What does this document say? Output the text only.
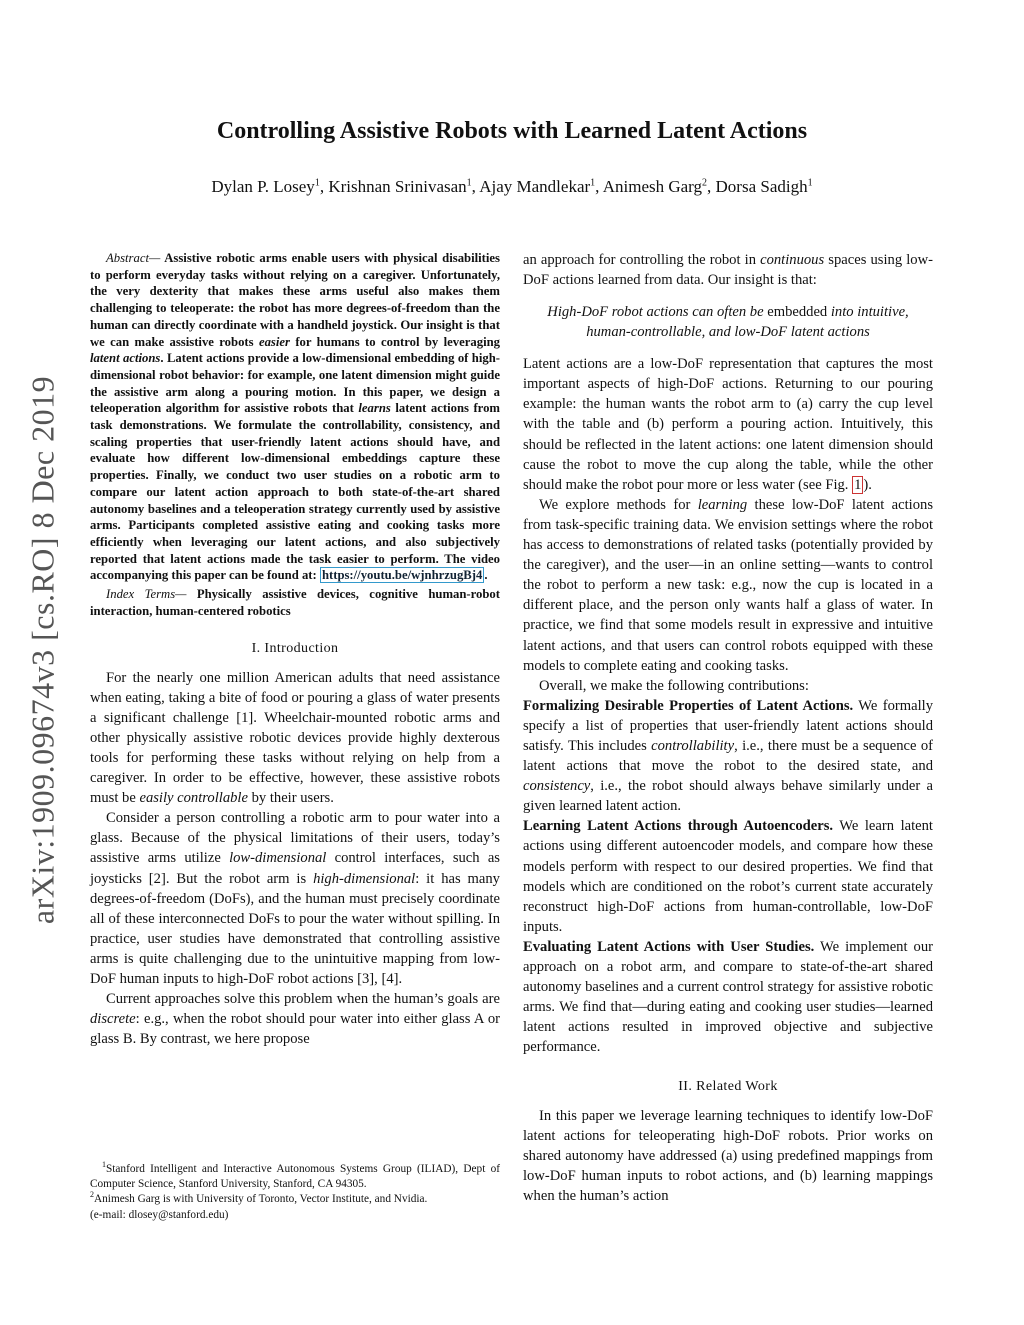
arXiv:1909.09674v3 [cs.RO] 8 Dec 2019
Controlling Assistive Robots with Learned Latent Actions
Dylan P. Losey$^1$, Krishnan Srinivasan$^1$, Ajay Mandlekar$^1$, Animesh Garg$^2$, Dorsa Sadigh$^1$

Abstract— Assistive robotic arms enable users with physical disabilities to perform everyday tasks without relying on a caregiver. Unfortunately, the very dexterity that makes these arms useful also makes them challenging to teleoperate: the robot has more degrees-of-freedom than the human can directly coordinate with a handheld joystick. Our insight is that we can make assistive robots easier for humans to control by leveraging latent actions. Latent actions provide a low-dimensional embedding of high-dimensional robot behavior: for example, one latent dimension might guide the assistive arm along a pouring motion. In this paper, we design a teleoperation algorithm for assistive robots that learns latent actions from task demonstrations. We formulate the controllability, consistency, and scaling properties that user-friendly latent actions should have, and evaluate how different low-dimensional embeddings capture these properties. Finally, we conduct two user studies on a robotic arm to compare our latent action approach to both state-of-the-art shared autonomy baselines and a teleoperation strategy currently used by assistive arms. Participants completed assistive eating and cooking tasks more efficiently when leveraging our latent actions, and also subjectively reported that latent actions made the task easier to perform. The video accompanying this paper can be found at: https://youtu.be/wjnhrzugBj4 .

Index Terms— Physically assistive devices, cognitive human-robot interaction, human-centered robotics

I. Introduction

For the nearly one million American adults that need assistance when eating, taking a bite of food or pouring a glass of water presents a significant challenge [1]. Wheelchair-mounted robotic arms and other physically assistive robotic devices provide highly dexterous tools for performing these tasks without relying on help from a caregiver. In order to be effective, however, these assistive robots must be easily controllable by their users.

Consider a person controlling a robotic arm to pour water into a glass. Because of the physical limitations of their users, today’s assistive arms utilize low-dimensional control interfaces, such as joysticks [2]. But the robot arm is high-dimensional: it has many degrees-of-freedom (DoFs), and the human must precisely coordinate all of these interconnected DoFs to pour the water without spilling. In practice, user studies have demonstrated that controlling assistive arms is quite challenging due to the unintuitive mapping from low-DoF human inputs to high-DoF robot actions [3], [4].

Current approaches solve this problem when the human’s goals are discrete: e.g., when the robot should pour water into either glass A or glass B. By contrast, we here propose

$^1$Stanford Intelligent and Interactive Autonomous Systems Group (ILIAD), Dept of Computer Science, Stanford University, Stanford, CA 94305.

$^2$Animesh Garg is with University of Toronto, Vector Institute, and Nvidia.

(e-mail: dlosey@stanford.edu)

an approach for controlling the robot in continuous spaces using low-DoF actions learned from data. Our insight is that:

High-DoF robot actions can often be embedded into intuitive, human-controllable, and low-DoF latent actions

Latent actions are a low-DoF representation that captures the most important aspects of high-DoF actions. Returning to our pouring example: the human wants the robot arm to (a) carry the cup level with the table and (b) perform a pouring action. Intuitively, this should be reflected in the latent actions: one latent dimension should cause the robot to move the cup along the table, while the other should make the robot pour more or less water (see Fig. 1 ).

We explore methods for learning these low-DoF latent actions from task-specific training data. We envision settings where the robot has access to demonstrations of related tasks (potentially provided by the caregiver), and the user—in an online setting—wants to control the robot to perform a new task: e.g., now the cup is located in a different place, and the person only wants half a glass of water. In practice, we find that some models result in expressive and intuitive latent actions, and that users can control robots equipped with these models to complete eating and cooking tasks.

Overall, we make the following contributions:

Formalizing Desirable Properties of Latent Actions. We formally specify a list of properties that user-friendly latent actions should satisfy. This includes controllability, i.e., there must be a sequence of latent actions that move the robot to the desired state, and consistency, i.e., the robot should always behave similarly under a given learned latent action.

Learning Latent Actions through Autoencoders. We learn latent actions using different autoencoder models, and compare how these models perform with respect to our desired properties. We find that models which are conditioned on the robot’s current state accurately reconstruct high-DoF actions from human-controllable, low-DoF inputs.

Evaluating Latent Actions with User Studies. We implement our approach on a robot arm, and compare to state-of-the-art shared autonomy baselines and a current control strategy for assistive robotic arms. We find that—during eating and cooking user studies—learned latent actions resulted in improved objective and subjective performance.

II. Related Work

In this paper we leverage learning techniques to identify low-DoF latent actions for teleoperating high-DoF robots. Prior works on shared autonomy have addressed (a) using predefined mappings from low-DoF human inputs to robot actions, and (b) learning mappings when the human’s action
